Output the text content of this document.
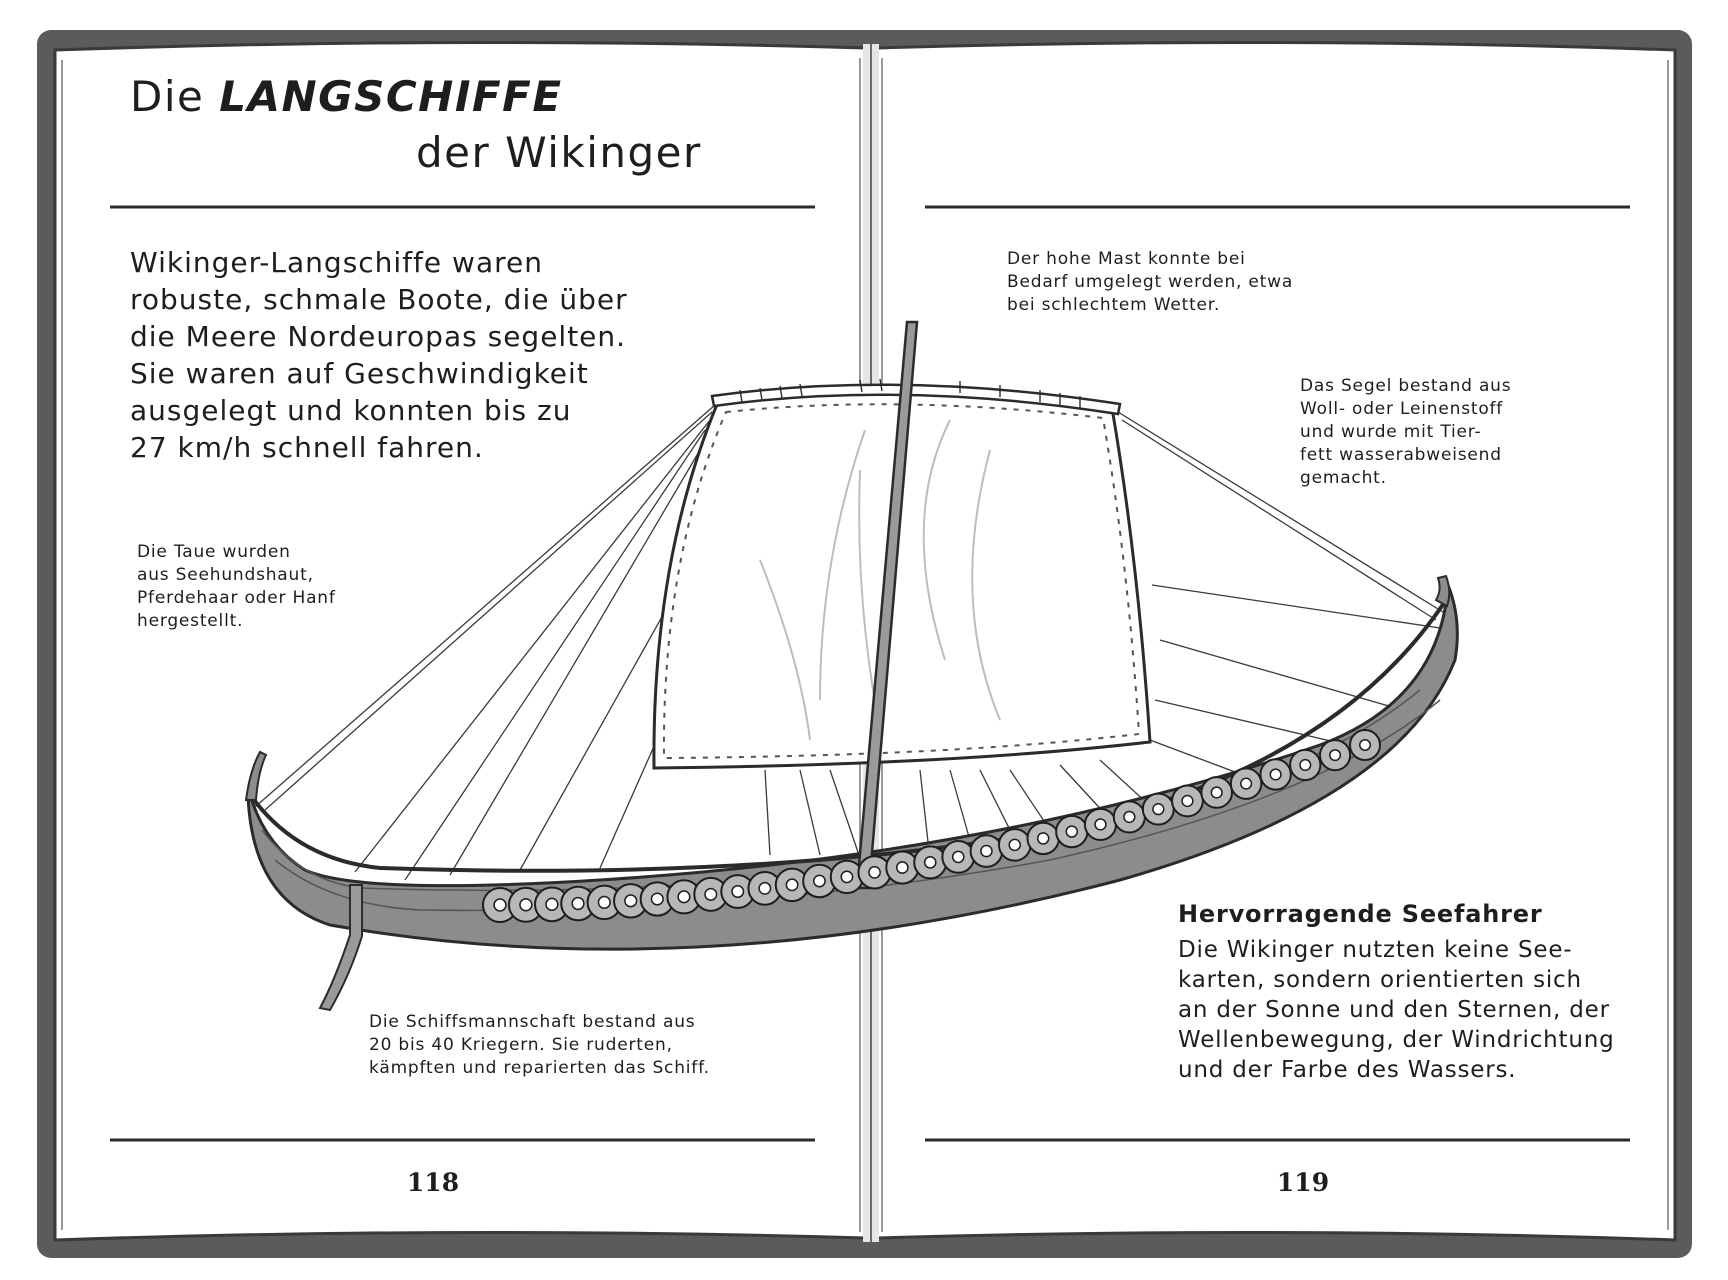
Die LANGSCHIFFE
der Wikinger

Wikinger-Langschiffe waren
robuste, schmale Boote, die über
die Meere Nordeuropas segelten.
Sie waren auf Geschwindigkeit
ausgelegt und konnten bis zu
27 km/h schnell fahren.

Die Taue wurden
aus Seehundshaut,
Pferdehaar oder Hanf
hergestellt.

Die Schiffsmannschaft bestand aus
20 bis 40 Kriegern. Sie ruderten,
kämpften und reparierten das Schiff.

118

Der hohe Mast konnte bei
Bedarf umgelegt werden, etwa
bei schlechtem Wetter.

Das Segel bestand aus
Woll- oder Leinenstoff
und wurde mit Tier-
fett wasserabweisend
gemacht.

Hervorragende Seefahrer

Die Wikinger nutzten keine See-
karten, sondern orientierten sich
an der Sonne und den Sternen, der
Wellenbewegung, der Windrichtung
und der Farbe des Wassers.

119
